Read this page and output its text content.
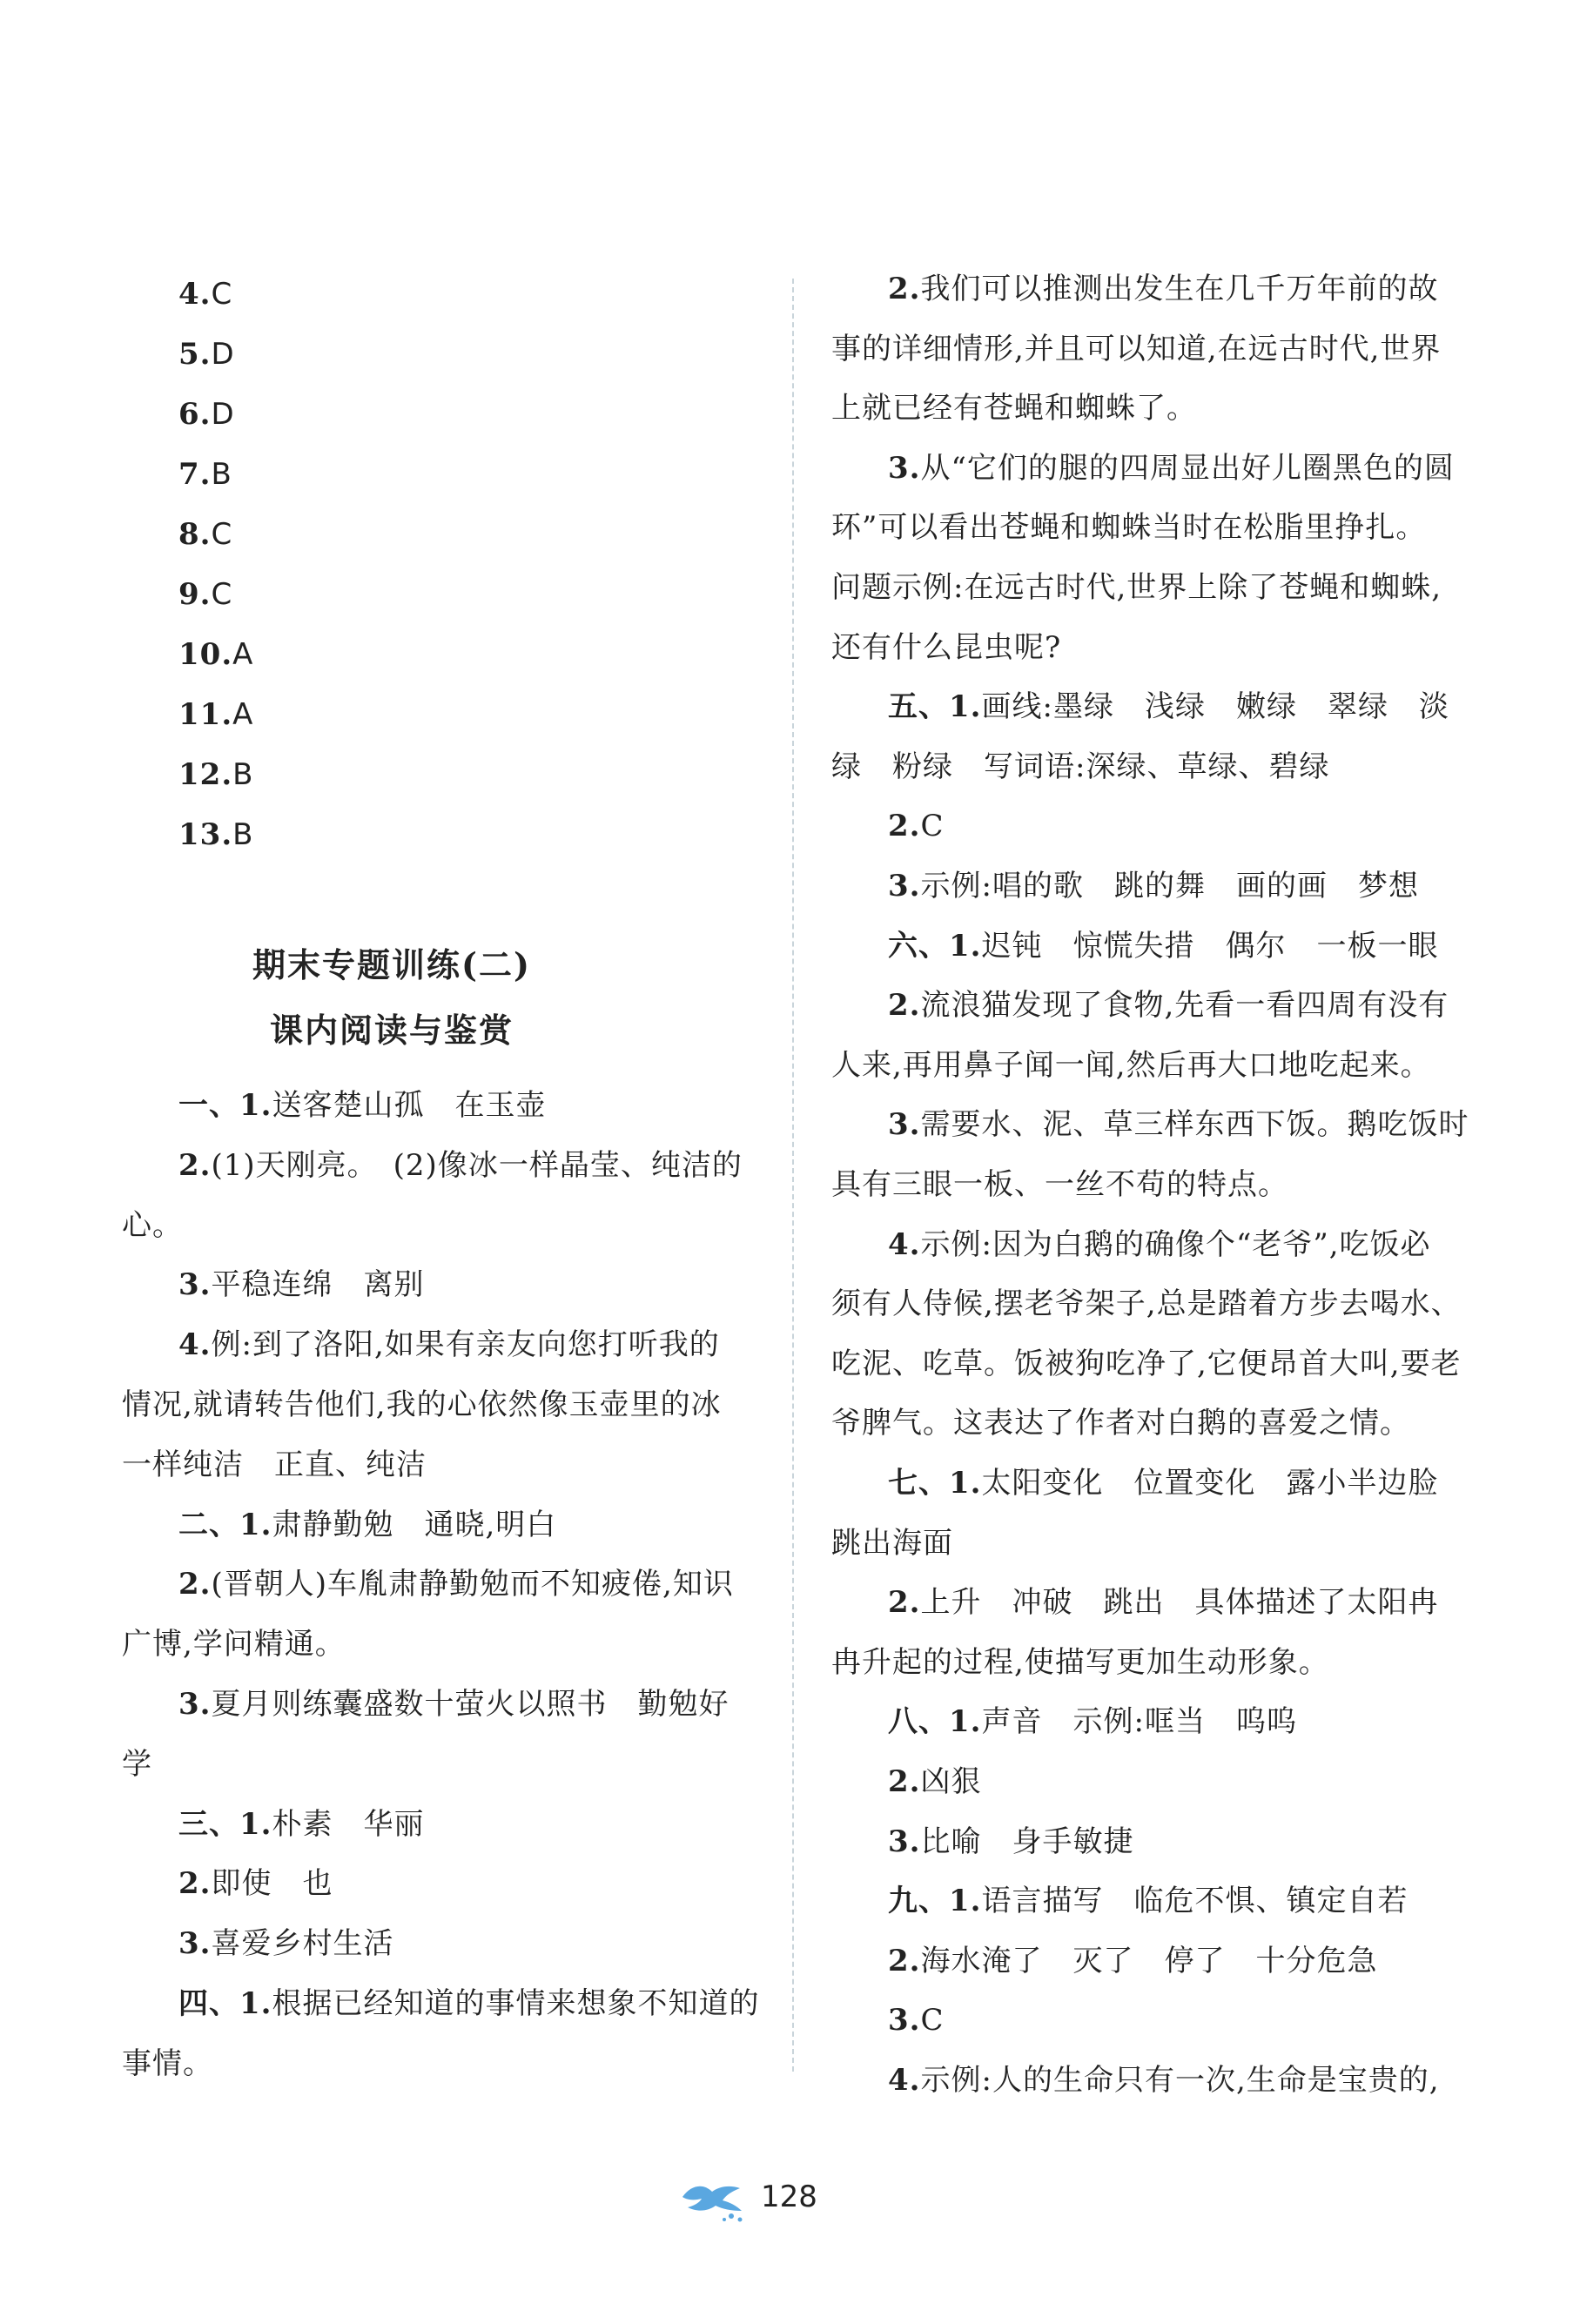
4.C
5.D
6.D
7.B
8.C
9.C
10.A
11.A
12.B
13.B
期末专题训练(二)
课内阅读与鉴赏
一、1.送客楚山孤　在玉壶
2.(1)天刚亮。　(2)像冰一样晶莹、纯洁的
心。
3.平稳连绵　离别
4.例:到了洛阳,如果有亲友向您打听我的
情况,就请转告他们,我的心依然像玉壶里的冰
一样纯洁　正直、纯洁
二、1.肃静勤勉　通晓,明白
2.(晋朝人)车胤肃静勤勉而不知疲倦,知识
广博,学问精通。
3.夏月则练囊盛数十萤火以照书　勤勉好
学
三、1.朴素　华丽
2.即使　也
3.喜爱乡村生活
四、1.根据已经知道的事情来想象不知道的
事情。
2.我们可以推测出发生在几千万年前的故
事的详细情形,并且可以知道,在远古时代,世界
上就已经有苍蝇和蜘蛛了。
3.从“它们的腿的四周显出好儿圈黑色的圆
环”可以看出苍蝇和蜘蛛当时在松脂里挣扎。
问题示例:在远古时代,世界上除了苍蝇和蜘蛛,
还有什么昆虫呢?
五、1.画线:墨绿　浅绿　嫩绿　翠绿　淡
绿　粉绿　写词语:深绿、草绿、碧绿
2.C
3.示例:唱的歌　跳的舞　画的画　梦想
六、1.迟钝　惊慌失措　偶尔　一板一眼
2.流浪猫发现了食物,先看一看四周有没有
人来,再用鼻子闻一闻,然后再大口地吃起来。
3.需要水、泥、草三样东西下饭。鹅吃饭时
具有三眼一板、一丝不苟的特点。
4.示例:因为白鹅的确像个“老爷”,吃饭必
须有人侍候,摆老爷架子,总是踏着方步去喝水、
吃泥、吃草。饭被狗吃净了,它便昂首大叫,要老
爷脾气。这表达了作者对白鹅的喜爱之情。
七、1.太阳变化　位置变化　露小半边脸
跳出海面
2.上升　冲破　跳出　具体描述了太阳冉
冉升起的过程,使描写更加生动形象。
八、1.声音　示例:哐当　呜呜
2.凶狠
3.比喻　身手敏捷
九、1.语言描写　临危不惧、镇定自若
2.海水淹了　灭了　停了　十分危急
3.C
4.示例:人的生命只有一次,生命是宝贵的,
128
